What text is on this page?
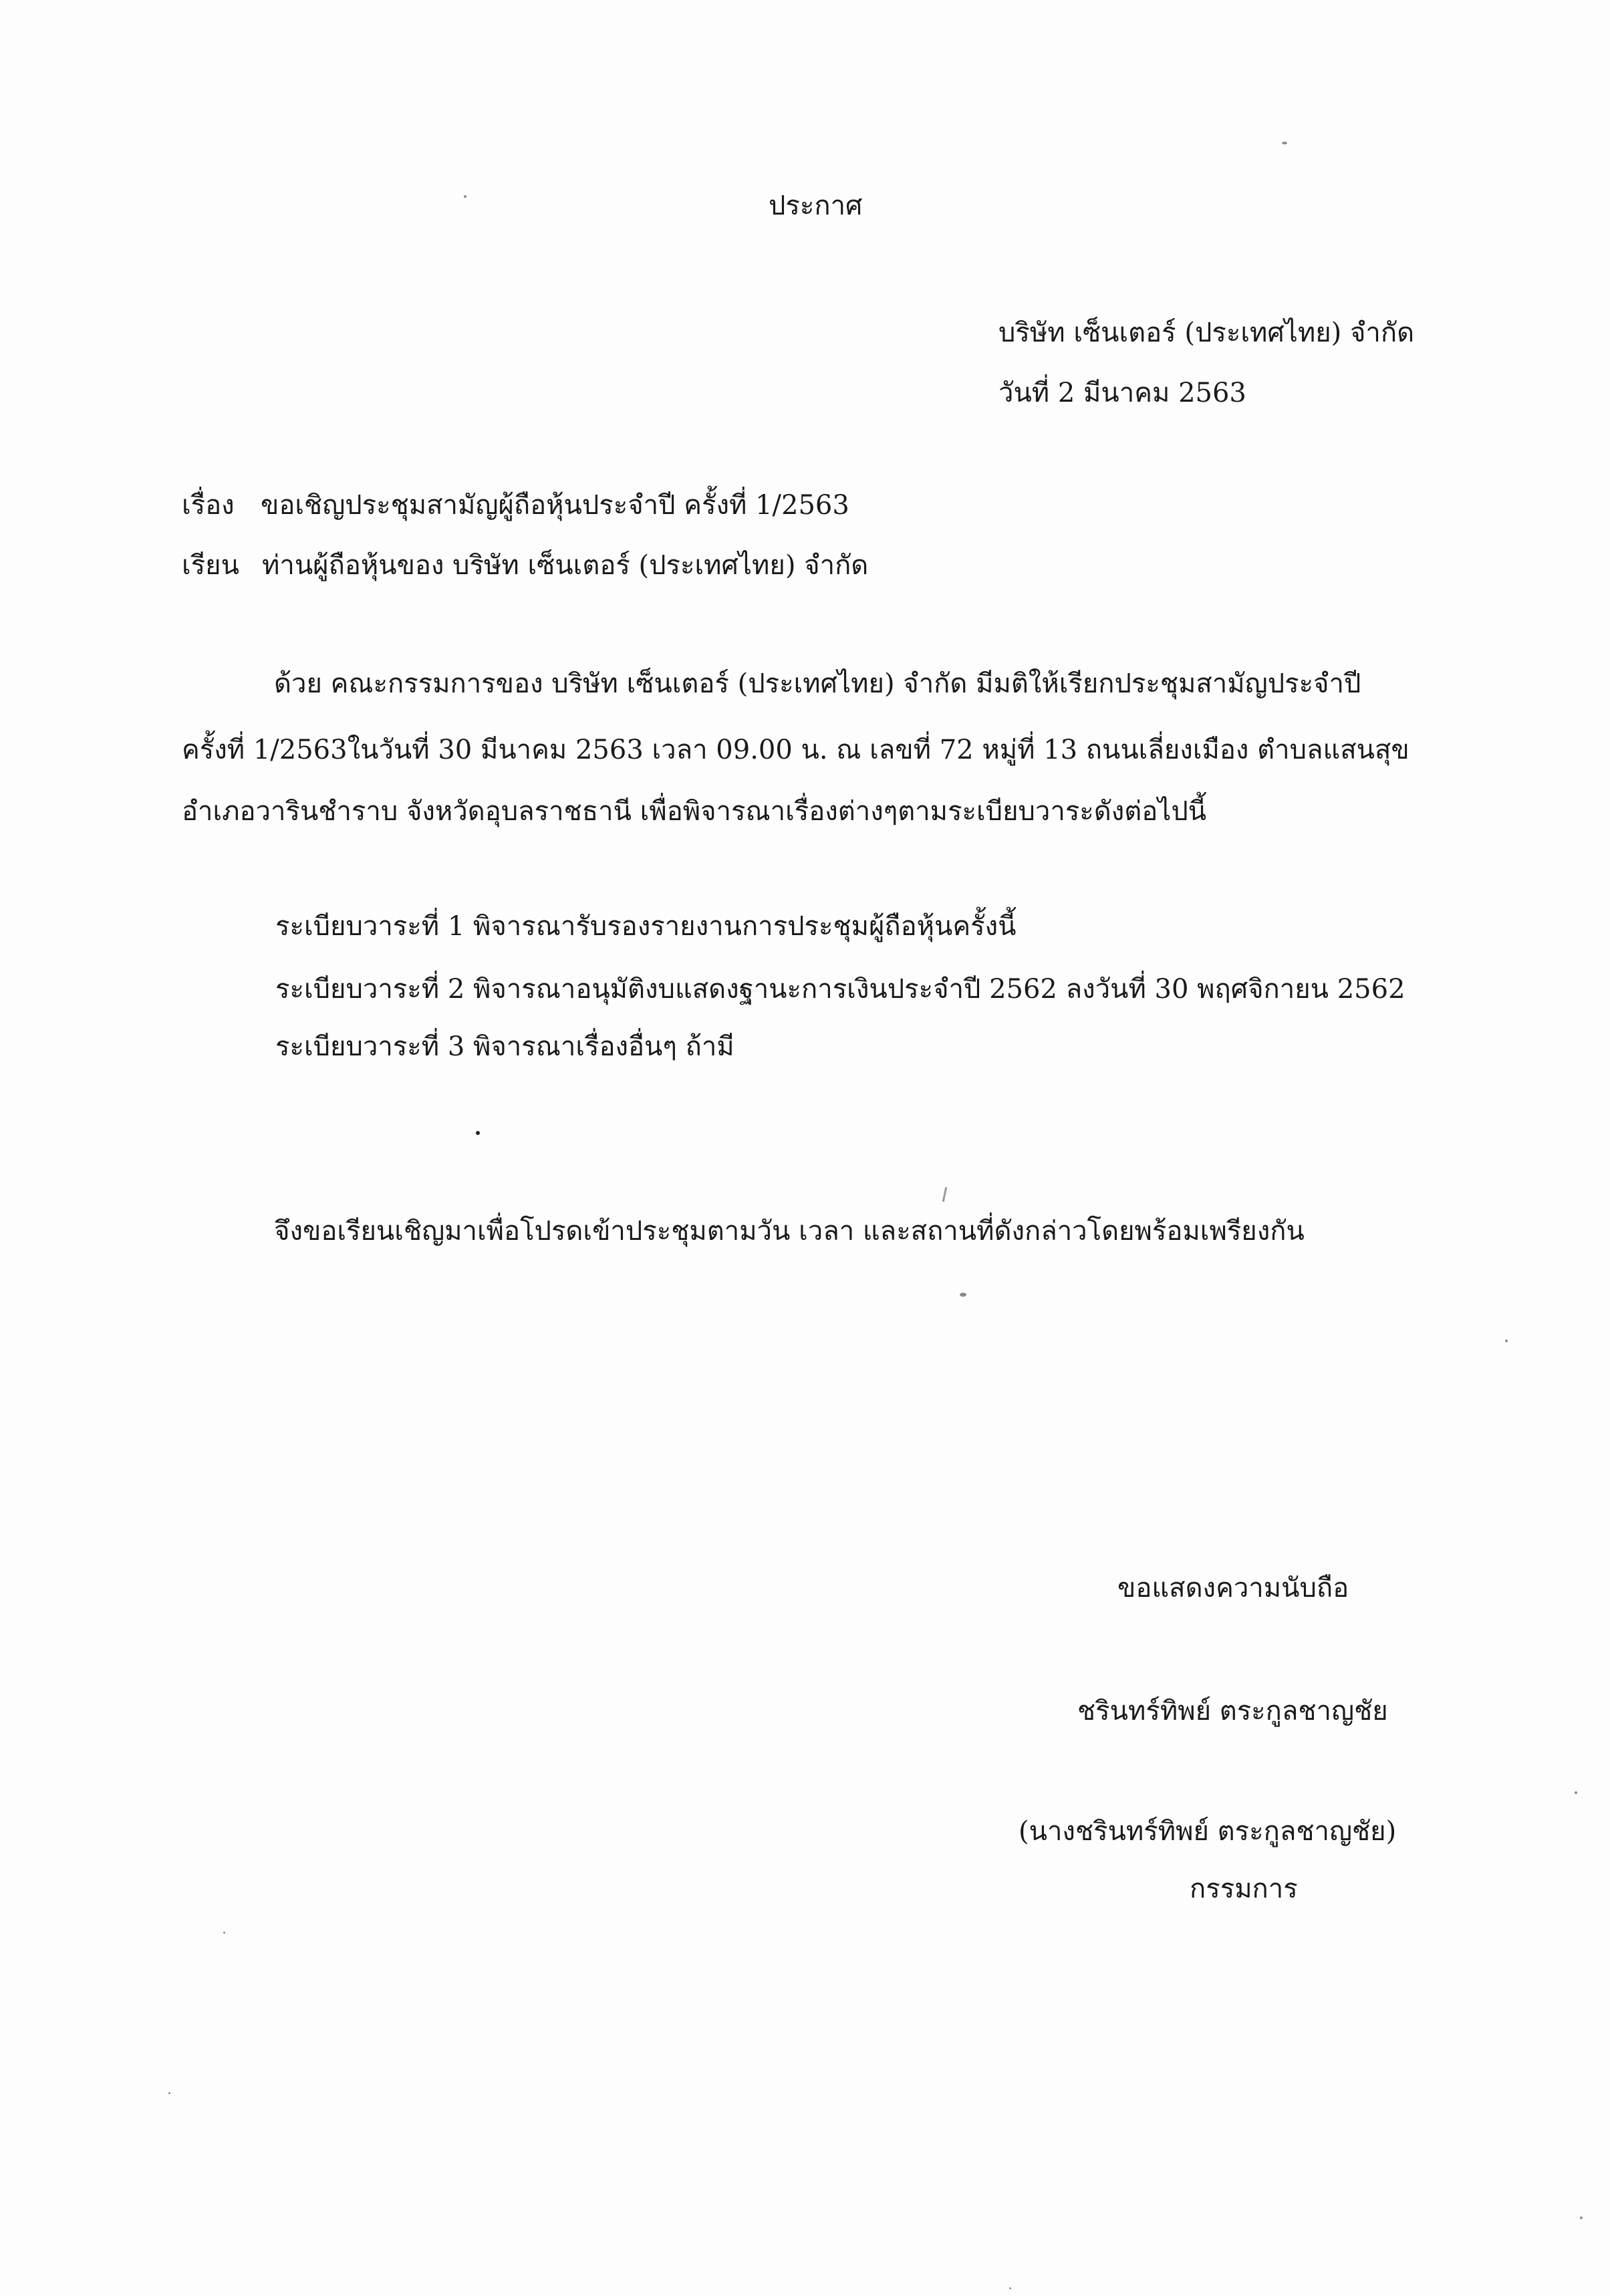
ประกาศ
บริษัท เซ็นเตอร์ (ประเทศไทย) จำกัด
วันที่ 2 มีนาคม 2563
เรื่อง ขอเชิญประชุมสามัญผู้ถือหุ้นประจำปี ครั้งที่ 1/2563
เรียน ท่านผู้ถือหุ้นของ บริษัท เซ็นเตอร์ (ประเทศไทย) จำกัด
ด้วย คณะกรรมการของ บริษัท เซ็นเตอร์ (ประเทศไทย) จำกัด มีมติให้เรียกประชุมสามัญประจำปี
ครั้งที่ 1/2563ในวันที่ 30 มีนาคม 2563 เวลา 09.00 น. ณ เลขที่ 72 หมู่ที่ 13 ถนนเลี่ยงเมือง ตำบลแสนสุข
อำเภอวารินชำราบ จังหวัดอุบลราชธานี เพื่อพิจารณาเรื่องต่างๆตามระเบียบวาระดังต่อไปนี้
ระเบียบวาระที่ 1 พิจารณารับรองรายงานการประชุมผู้ถือหุ้นครั้งนี้
ระเบียบวาระที่ 2 พิจารณาอนุมัติงบแสดงฐานะการเงินประจำปี 2562 ลงวันที่ 30 พฤศจิกายน 2562
ระเบียบวาระที่ 3 พิจารณาเรื่องอื่นๆ ถ้ามี
จึงขอเรียนเชิญมาเพื่อโปรดเข้าประชุมตามวัน เวลา และสถานที่ดังกล่าวโดยพร้อมเพรียงกัน
ขอแสดงความนับถือ
ชรินทร์ทิพย์ ตระกูลชาญชัย
(นางชรินทร์ทิพย์ ตระกูลชาญชัย)
กรรมการ
